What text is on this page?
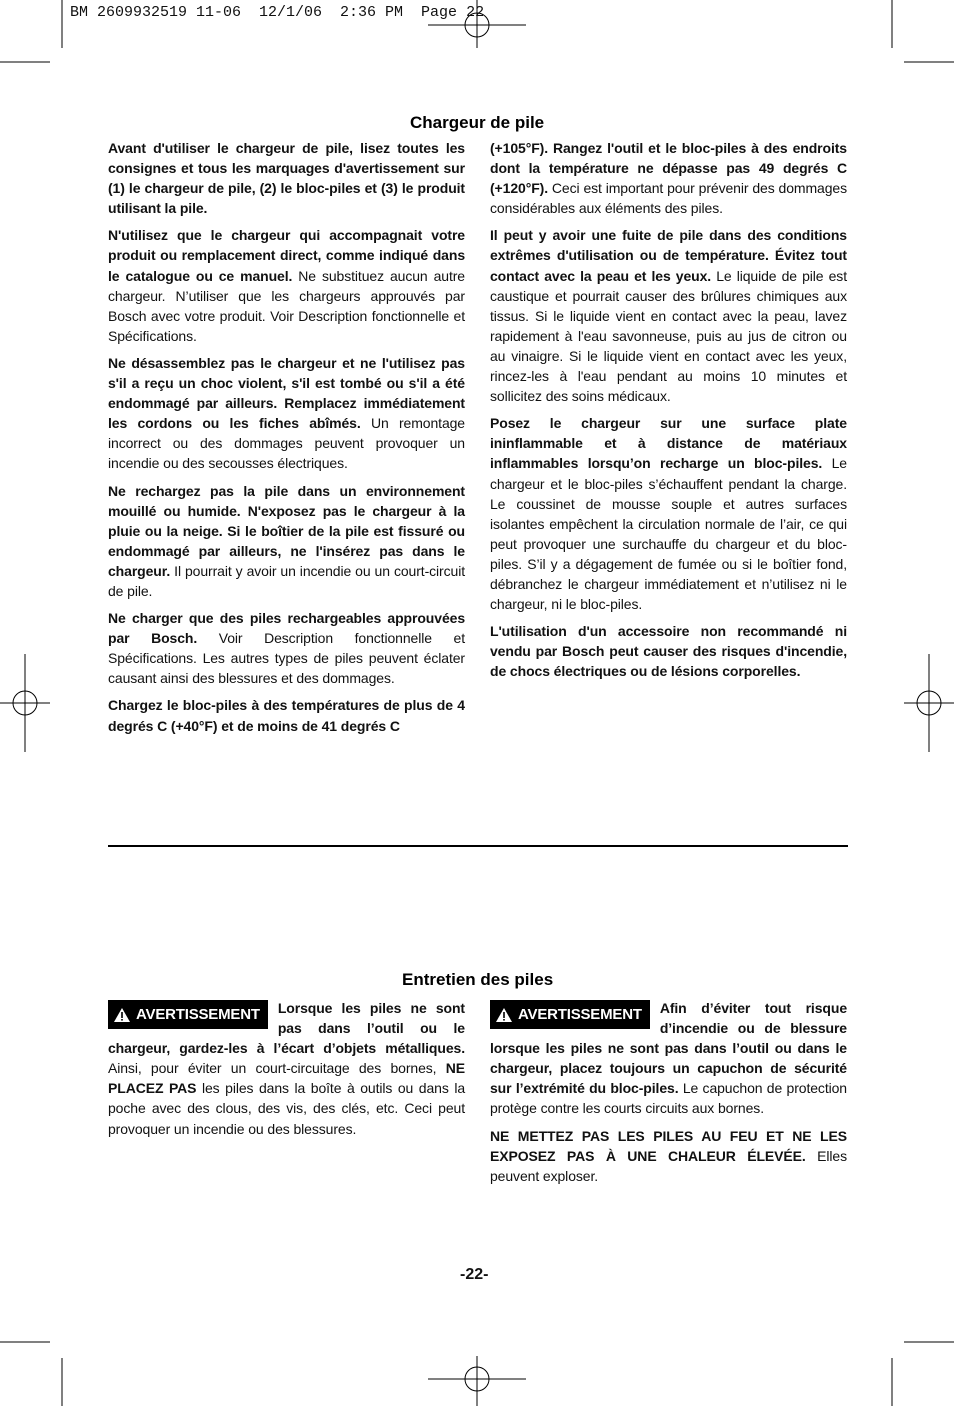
BM 2609932519 11-06  12/1/06  2:36 PM  Page 22
Chargeur de pile

Avant d'utiliser le chargeur de pile, lisez toutes les consignes et tous les marquages d'avertissement sur (1) le chargeur de pile, (2) le bloc-piles et (3) le produit utilisant la pile.

N'utilisez que le chargeur qui accompagnait votre produit ou remplacement direct, comme indiqué dans le catalogue ou ce manuel. Ne substituez aucun autre chargeur. N’utiliser que les chargeurs approuvés par Bosch avec votre produit. Voir Description fonctionnelle et Spécifications.

Ne désassemblez pas le chargeur et ne l'utilisez pas s'il a reçu un choc violent, s'il est tombé ou s'il a été endommagé par ailleurs. Remplacez immédiatement les cordons ou les fiches abîmés. Un remontage incorrect ou des dommages peuvent provoquer un incendie ou des secousses électriques.

Ne rechargez pas la pile dans un environnement mouillé ou humide. N'exposez pas le chargeur à la pluie ou la neige. Si le boîtier de la pile est fissuré ou endommagé par ailleurs, ne l'insérez pas dans le chargeur. Il pourrait y avoir un incendie ou un court-circuit de pile.

Ne charger que des piles rechargeables approuvées par Bosch. Voir Description fonctionnelle et Spécifications. Les autres types de piles peuvent éclater causant ainsi des blessures et des dommages.

Chargez le bloc-piles à des températures de plus de 4 degrés C (+40°F) et de moins de 41 degrés C

(+105°F). Rangez l'outil et le bloc-piles à des endroits dont la température ne dépasse pas 49 degrés C (+120°F). Ceci est important pour prévenir des dommages considérables aux éléments des piles.

Il peut y avoir une fuite de pile dans des conditions extrêmes d'utilisation ou de température. Évitez tout contact avec la peau et les yeux. Le liquide de pile est caustique et pourrait causer des brûlures chimiques aux tissus. Si le liquide vient en contact avec la peau, lavez rapidement à l'eau savonneuse, puis au jus de citron ou au vinaigre. Si le liquide vient en contact avec les yeux, rincez-les à l'eau pendant au moins 10 minutes et sollicitez des soins médicaux.

Posez le chargeur sur une surface plate ininflammable et à distance de matériaux inflammables lorsqu’on recharge un bloc-piles. Le chargeur et le bloc-piles s’échauffent pendant la charge. Le coussinet de mousse souple et autres surfaces isolantes empêchent la circulation normale de l’air, ce qui peut provoquer une surchauffe du chargeur et du bloc-piles. S’il y a dégagement de fumée ou si le boîtier fond, débranchez le chargeur immédiatement et n’utilisez ni le chargeur, ni le bloc-piles.

L'utilisation d'un accessoire non recommandé ni vendu par Bosch peut causer des risques d'incendie, de chocs électriques ou de lésions corporelles.

Entretien des piles

AVERTISSEMENT	Lorsque les piles ne sont pas dans l’outil ou le chargeur, gardez-les à l’écart d’objets métalliques. Ainsi, pour éviter un court-circuitage des bornes, NE PLACEZ PAS les piles dans la boîte à outils ou dans la poche avec des clous, des vis, des clés, etc. Ceci peut provoquer un incendie ou des blessures.

AVERTISSEMENT	Afin d’éviter tout risque d’incendie ou de blessure lorsque les piles ne sont pas dans l’outil ou dans le chargeur, placez toujours un capuchon de sécurité sur l’extrémité du bloc-piles. Le capuchon de protection protège contre les courts circuits aux bornes.

NE METTEZ PAS LES PILES AU FEU ET NE LES EXPOSEZ PAS À UNE CHALEUR ÉLEVÉE. Elles peuvent exploser.

-22-
